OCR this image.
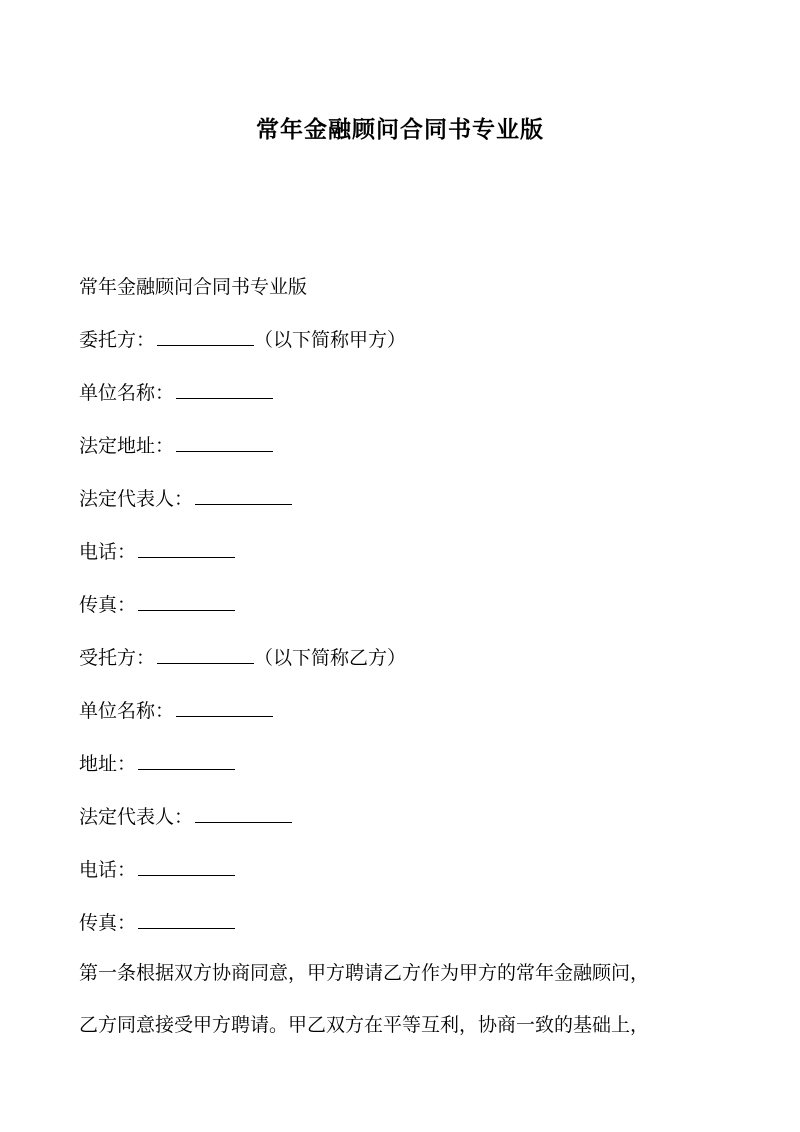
常年金融顾问合同书专业版
常年金融顾问合同书专业版
委托方：	（以下简称甲方）
单位名称：
法定地址：
法定代表人：
电话：
传真：
受托方：	（以下简称乙方）
单位名称：
地址：
法定代表人：
电话：
传真：
第一条根据双方协商同意，甲方聘请乙方作为甲方的常年金融顾问，
乙方同意接受甲方聘请。甲乙双方在平等互利，协商一致的基础上，
